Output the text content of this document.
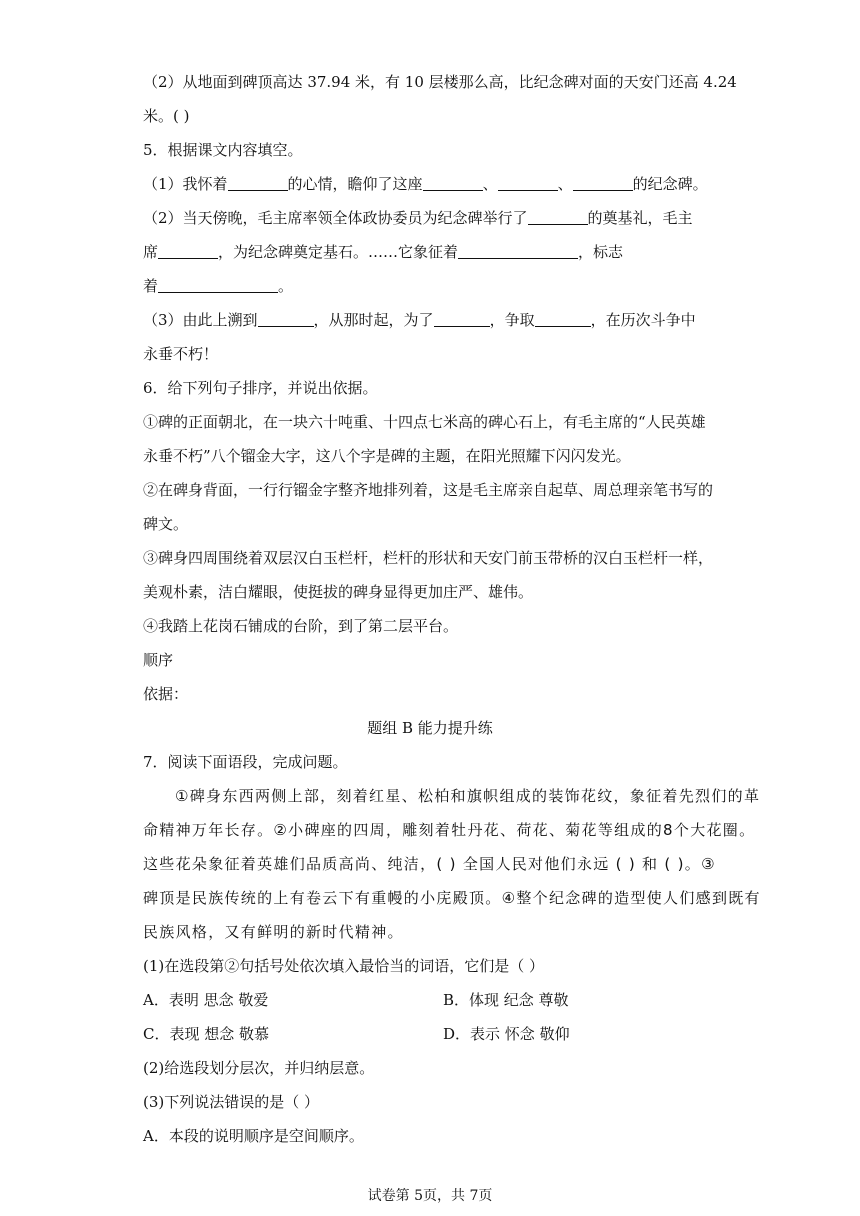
（2）从地面到碑顶高达 37.94 米，有 10 层楼那么高，比纪念碑对面的天安门还高 4.24
米。( )
5．根据课文内容填空。
（1）我怀着	的心情，瞻仰了这座	、	、	的纪念碑。
（2）当天傍晚，毛主席率领全体政协委员为纪念碑举行了	的奠基礼，毛主
席	，为纪念碑奠定基石。……它象征着	，标志
着	。
（3）由此上溯到	，从那时起，为了	，争取	，在历次斗争中
永垂不朽！
6．给下列句子排序，并说出依据。
①碑的正面朝北，在一块六十吨重、十四点七米高的碑心石上，有毛主席的“人民英雄
永垂不朽”八个镏金大字，这八个字是碑的主题，在阳光照耀下闪闪发光。
②在碑身背面，一行行镏金字整齐地排列着，这是毛主席亲自起草、周总理亲笔书写的
碑文。
③碑身四周围绕着双层汉白玉栏杆，栏杆的形状和天安门前玉带桥的汉白玉栏杆一样，
美观朴素，洁白耀眼，使挺拔的碑身显得更加庄严、雄伟。
④我踏上花岗石铺成的台阶，到了第二层平台。
顺序
依据：
题组 B 能力提升练
7．阅读下面语段，完成问题。
①碑身东西两侧上部，刻着红星、松柏和旗帜组成的装饰花纹，象征着先烈们的革
命精神万年长存。②小碑座的四周，雕刻着牡丹花、荷花、菊花等组成的8个大花圈。
这些花朵象征着英雄们品质高尚、纯洁，( ) 全国人民对他们永远 ( ) 和 ( )。③
碑顶是民族传统的上有卷云下有重幔的小庑殿顶。④整个纪念碑的造型使人们感到既有
民族风格，又有鲜明的新时代精神。
(1)在选段第②句括号处依次填入最恰当的词语，它们是（ ）
A．表明 思念 敬爱	B．体现 纪念 尊敬
C．表现 想念 敬慕	D．表示 怀念 敬仰
(2)给选段划分层次，并归纳层意。
(3)下列说法错误的是（ ）
A．本段的说明顺序是空间顺序。
试卷第 5页，共 7页
